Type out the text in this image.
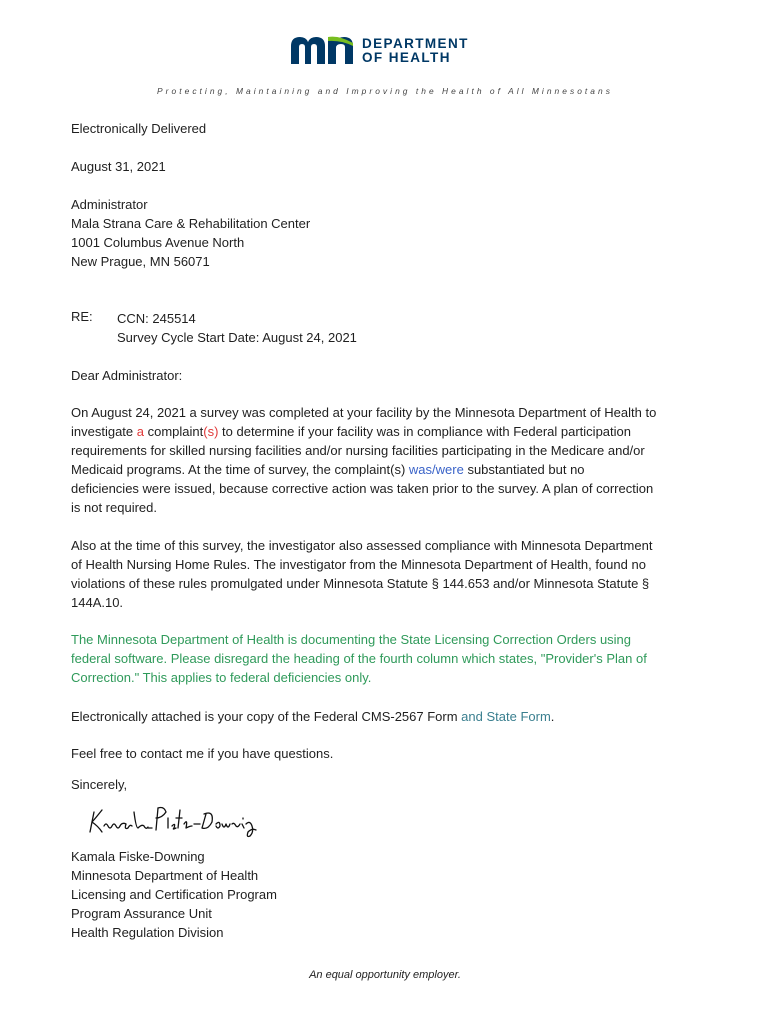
DEPARTMENT
OF HEALTH
Protecting, Maintaining and Improving the Health of All Minnesotans
Electronically Delivered
August 31, 2021
Administrator
Mala Strana Care & Rehabilitation Center
1001 Columbus Avenue North
New Prague, MN 56071
RE: CCN: 245514
Survey Cycle Start Date: August 24, 2021
Dear Administrator:
On August 24, 2021 a survey was completed at your facility by the Minnesota Department of Health to
investigate a complaint(s) to determine if your facility was in compliance with Federal participation
requirements for skilled nursing facilities and/or nursing facilities participating in the Medicare and/or
Medicaid programs. At the time of survey, the complaint(s) was/were substantiated but no
deficiencies were issued, because corrective action was taken prior to the survey. A plan of correction
is not required.
Also at the time of this survey, the investigator also assessed compliance with Minnesota Department
of Health Nursing Home Rules. The investigator from the Minnesota Department of Health, found no
violations of these rules promulgated under Minnesota Statute § 144.653 and/or Minnesota Statute §
144A.10.
The Minnesota Department of Health is documenting the State Licensing Correction Orders using
federal software. Please disregard the heading of the fourth column which states, "Provider's Plan of
Correction." This applies to federal deficiencies only.
Electronically attached is your copy of the Federal CMS-2567 Form and State Form.
Feel free to contact me if you have questions.
Sincerely,
Kamala Fiske-Downing
Minnesota Department of Health
Licensing and Certification Program
Program Assurance Unit
Health Regulation Division
An equal opportunity employer.
